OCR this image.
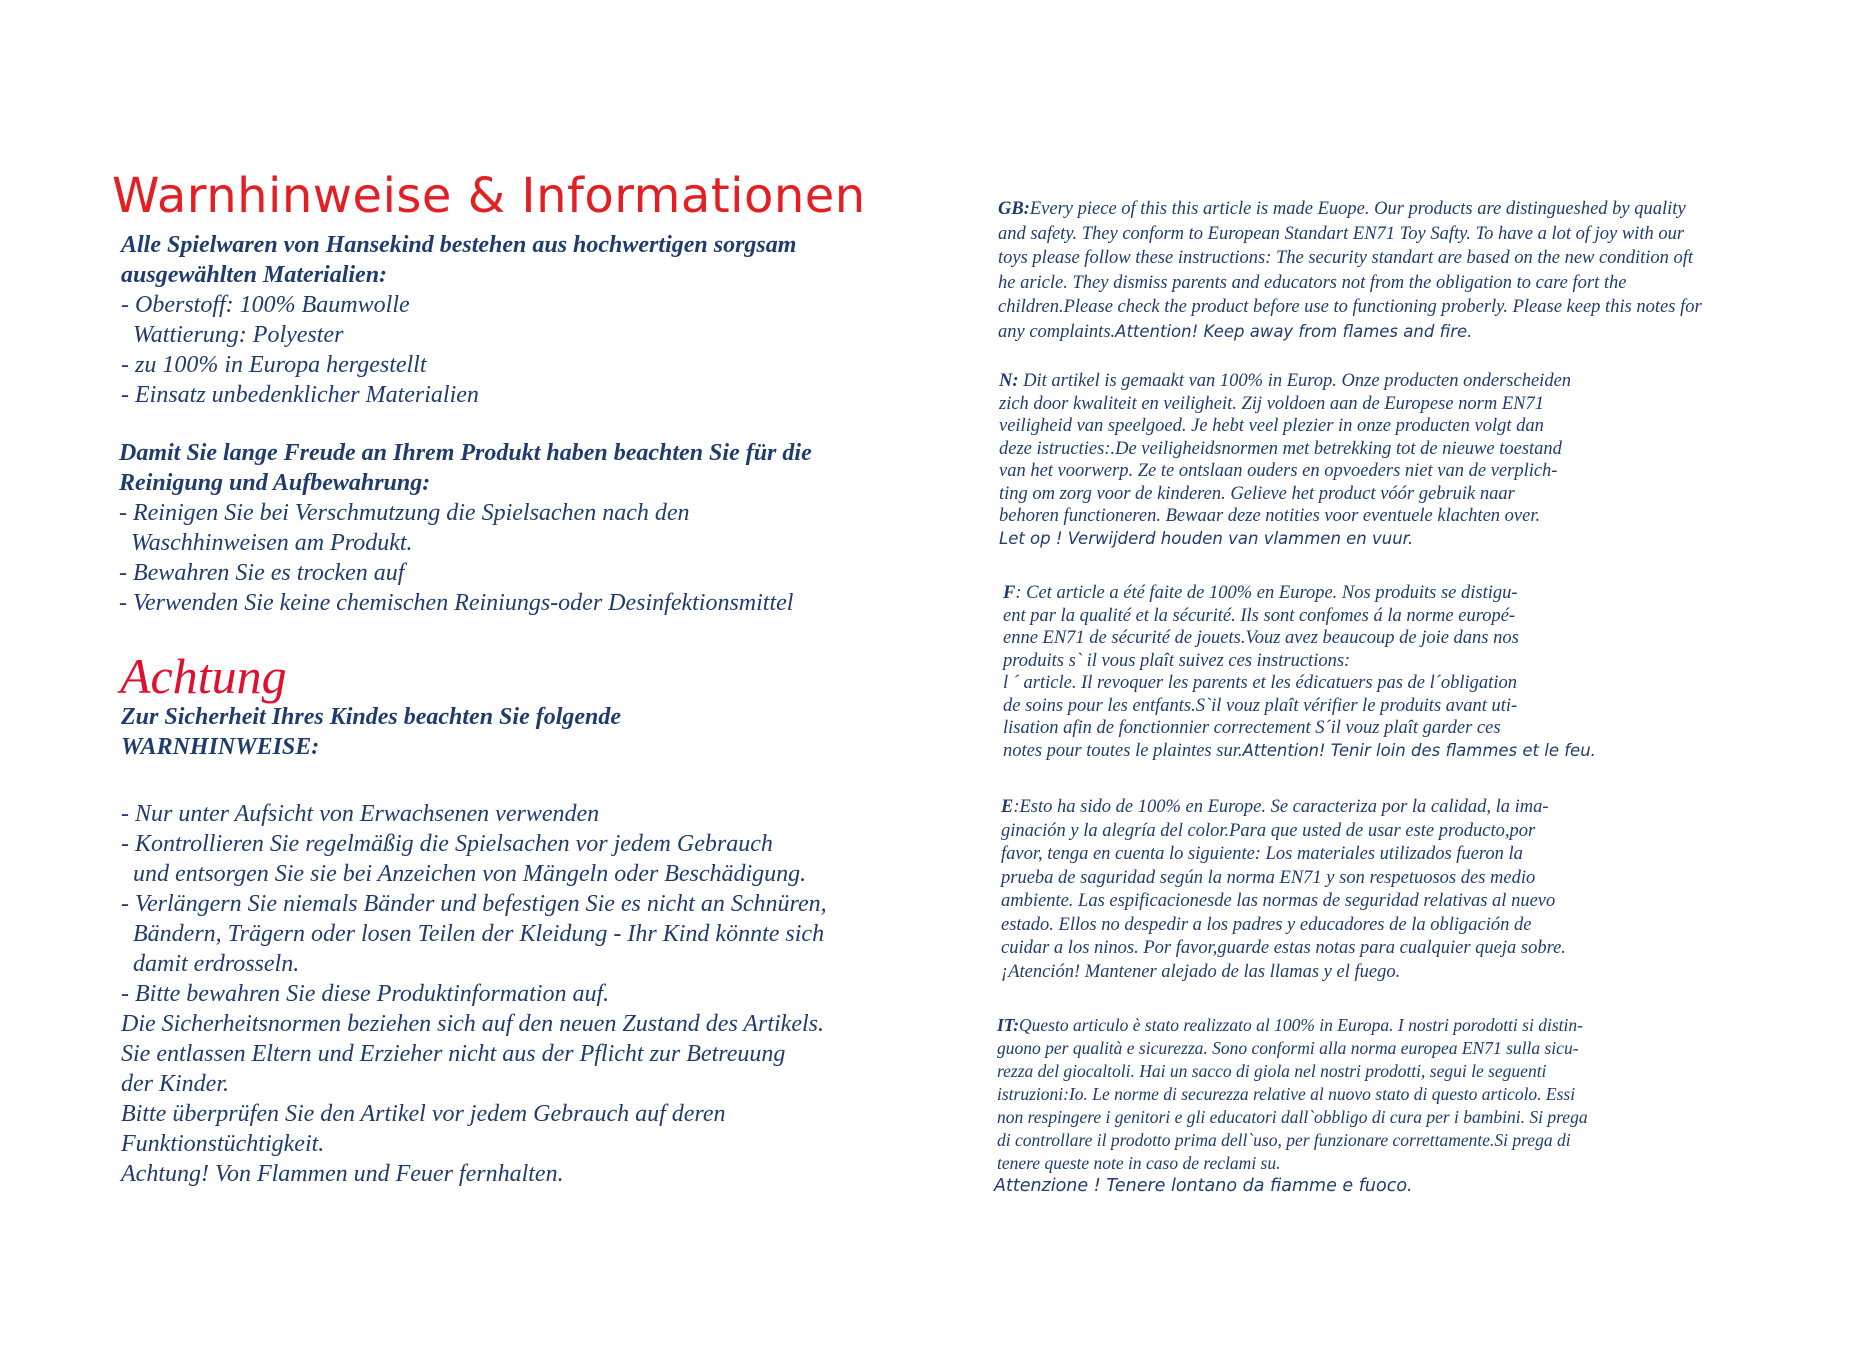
Warnhinweise & Informationen
Alle Spielwaren von Hansekind bestehen aus hochwertigen sorgsam
ausgewählten Materialien:
- Oberstoff: 100% Baumwolle
Wattierung: Polyester
- zu 100% in Europa hergestellt
- Einsatz unbedenklicher Materialien
Damit Sie lange Freude an Ihrem Produkt haben beachten Sie für die
Reinigung und Aufbewahrung:
- Reinigen Sie bei Verschmutzung die Spielsachen nach den
Waschhinweisen am Produkt.
- Bewahren Sie es trocken auf
- Verwenden Sie keine chemischen Reiniungs-oder Desinfektionsmittel
Achtung
Zur Sicherheit Ihres Kindes beachten Sie folgende
WARNHINWEISE:
- Nur unter Aufsicht von Erwachsenen verwenden
- Kontrollieren Sie regelmäßig die Spielsachen vor jedem Gebrauch
und entsorgen Sie sie bei Anzeichen von Mängeln oder Beschädigung.
- Verlängern Sie niemals Bänder und befestigen Sie es nicht an Schnüren,
Bändern, Trägern oder losen Teilen der Kleidung - Ihr Kind könnte sich
damit erdrosseln.
- Bitte bewahren Sie diese Produktinformation auf.
Die Sicherheitsnormen beziehen sich auf den neuen Zustand des Artikels.
Sie entlassen Eltern und Erzieher nicht aus der Pflicht zur Betreuung
der Kinder.
Bitte überprüfen Sie den Artikel vor jedem Gebrauch auf deren
Funktionstüchtigkeit.
Achtung! Von Flammen und Feuer fernhalten.
GB:Every piece of this this article is made Euope. Our products are distingueshed by quality
and safety. They conform to European Standart EN71 Toy Safty. To have a lot of joy with our
toys please follow these instructions: The security standart are based on the new condition oft
he aricle. They dismiss parents and educators not from the obligation to care fort the
children.Please check the product before use to functioning proberly. Please keep this notes for
any complaints.Attention! Keep away from flames and fire.
N: Dit artikel is gemaakt van 100% in Europ. Onze producten onderscheiden
zich door kwaliteit en veiligheit. Zij voldoen aan de Europese norm EN71
veiligheid van speelgoed. Je hebt veel plezier in onze producten volgt dan
deze istructies:.De veiligheidsnormen met betrekking tot de nieuwe toestand
van het voorwerp. Ze te ontslaan ouders en opvoeders niet van de verplich-
ting om zorg voor de kinderen. Gelieve het product vóór gebruik naar
behoren functioneren. Bewaar deze notities voor eventuele klachten over.
Let op ! Verwijderd houden van vlammen en vuur.
F: Cet article a été faite de 100% en Europe. Nos produits se distigu-
ent par la qualité et la sécurité. Ils sont confomes á la norme europé-
enne EN71 de sécurité de jouets.Vouz avez beaucoup de joie dans nos
produits s` il vous plaît suivez ces instructions:
l ´ article. Il revoquer les parents et les édicatuers pas de l´obligation
de soins pour les entfants.S`il vouz plaît vérifier le produits avant uti-
lisation afin de fonctionnier correctement S´il vouz plaît garder ces
notes pour toutes le plaintes sur.Attention! Tenir loin des flammes et le feu.
E:Esto ha sido de 100% en Europe. Se caracteriza por la calidad, la ima-
ginación y la alegría del color.Para que usted de usar este producto,por
favor, tenga en cuenta lo siguiente: Los materiales utilizados fueron la
prueba de saguridad según la norma EN71 y son respetuosos des medio
ambiente. Las espificacionesde las normas de seguridad relativas al nuevo
estado. Ellos no despedir a los padres y educadores de la obligación de
cuidar a los ninos. Por favor,guarde estas notas para cualquier queja sobre.
¡Atención! Mantener alejado de las llamas y el fuego.
IT:Questo articulo è stato realizzato al 100% in Europa. I nostri porodotti si distin-
guono per qualità e sicurezza. Sono conformi alla norma europea EN71 sulla sicu-
rezza del giocaltoli. Hai un sacco di giola nel nostri prodotti, segui le seguenti
istruzioni:Io. Le norme di securezza relative al nuovo stato di questo articolo. Essi
non respingere i genitori e gli educatori dall`obbligo di cura per i bambini. Si prega
di controllare il prodotto prima dell`uso, per funzionare correttamente.Si prega di
tenere queste note in caso de reclami su.
Attenzione ! Tenere lontano da fiamme e fuoco.
